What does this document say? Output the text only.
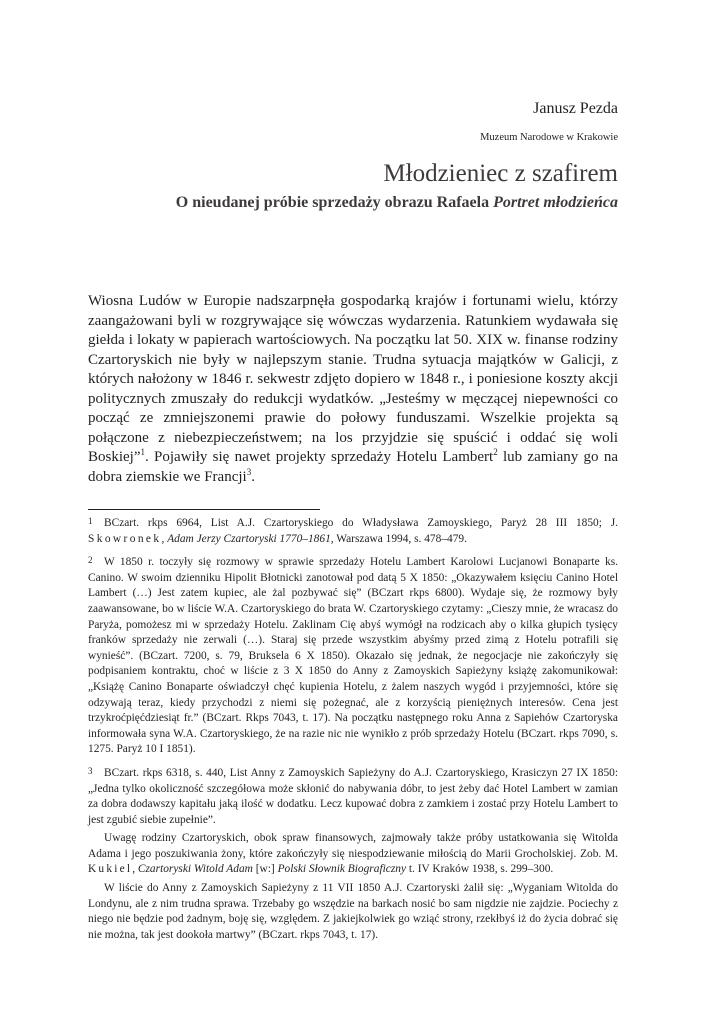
Janusz Pezda

Muzeum Narodowe w Krakowie

Młodzieniec z szafirem
O nieudanej próbie sprzedaży obrazu Rafaela Portret młodzieńca

Wiosna Ludów w Europie nadszarpnęła gospodarką krajów i fortunami wielu, którzy zaangażowani byli w rozgrywające się wówczas wydarzenia. Ratunkiem wydawała się giełda i lokaty w papierach wartościowych. Na początku lat 50. XIX w. finanse rodziny Czartoryskich nie były w najlepszym stanie. Trudna sytuacja majątków w Galicji, z których nałożony w 1846 r. sekwestr zdjęto dopiero w 1848 r., i poniesione koszty akcji politycznych zmuszały do redukcji wydatków. „Jesteśmy w męczącej niepewności co począć ze zmniejszonemi prawie do połowy funduszami. Wszelkie projekta są połączone z niebezpieczeństwem; na los przyjdzie się spuścić i oddać się woli Boskiej”$^1$. Pojawiły się nawet projekty sprzedaży Hotelu Lambert$^2$ lub zamiany go na dobra ziemskie we Francji$^3$.

1 BCzart. rkps 6964, List A.J. Czartoryskiego do Władysława Zamoyskiego, Paryż 28 III 1850; J. Skowronek, Adam Jerzy Czartoryski 1770–1861, Warszawa 1994, s. 478–479.

2 W 1850 r. toczyły się rozmowy w sprawie sprzedaży Hotelu Lambert Karolowi Lucjanowi Bonaparte ks. Canino. W swoim dzienniku Hipolit Błotnicki zanotował pod datą 5 X 1850: „Okazywałem księciu Canino Hotel Lambert (…) Jest zatem kupiec, ale żal pozbywać się” (BCzart rkps 6800). Wydaje się, że rozmowy były zaawansowane, bo w liście W.A. Czartoryskiego do brata W. Czartoryskiego czytamy: „Cieszy mnie, że wracasz do Paryża, pomożesz mi w sprzedaży Hotelu. Zaklinam Cię abyś wymógł na rodzicach aby o kilka głupich tysięcy franków sprzedaży nie zerwali (…). Staraj się przede wszystkim abyśmy przed zimą z Hotelu potrafili się wynieść”. (BCzart. 7200, s. 79, Bruksela 6 X 1850). Okazało się jednak, że negocjacje nie zakończyły się podpisaniem kontraktu, choć w liście z 3 X 1850 do Anny z Zamoyskich Sapieżyny książę zakomunikował: „Książę Canino Bonaparte oświadczył chęć kupienia Hotelu, z żalem naszych wygód i przyjemności, które się odzywają teraz, kiedy przychodzi z niemi się pożegnać, ale z korzyścią pieniężnych interesów. Cena jest trzykroćpięćdziesiąt fr.” (BCzart. Rkps 7043, t. 17). Na początku następnego roku Anna z Sapiehów Czartoryska informowała syna W.A. Czartoryskiego, że na razie nic nie wynikło z prób sprzedaży Hotelu (BCzart. rkps 7090, s. 1275. Paryż 10 I 1851).

3 BCzart. rkps 6318, s. 440, List Anny z Zamoyskich Sapieżyny do A.J. Czartoryskiego, Krasiczyn 27 IX 1850: „Jedna tylko okoliczność szczegółowa może skłonić do nabywania dóbr, to jest żeby dać Hotel Lambert w zamian za dobra dodawszy kapitału jaką ilość w dodatku. Lecz kupować dobra z zamkiem i zostać przy Hotelu Lambert to jest zgubić siebie zupełnie”.

Uwagę rodziny Czartoryskich, obok spraw finansowych, zajmowały także próby ustatkowania się Witolda Adama i jego poszukiwania żony, które zakończyły się niespodziewanie miłością do Marii Grocholskiej. Zob. M. Kukiel, Czartoryski Witold Adam [w:] Polski Słownik Biograficzny t. IV Kraków 1938, s. 299–300.

W liście do Anny z Zamoyskich Sapieżyny z 11 VII 1850 A.J. Czartoryski żalił się: „Wyganiam Witolda do Londynu, ale z nim trudna sprawa. Trzebaby go wszędzie na barkach nosić bo sam nigdzie nie zajdzie. Pociechy z niego nie będzie pod żadnym, boję się, względem. Z jakiejkolwiek go wziąć strony, rzekłbyś iż do życia dobrać się nie można, tak jest dookoła martwy” (BCzart. rkps 7043, t. 17).
